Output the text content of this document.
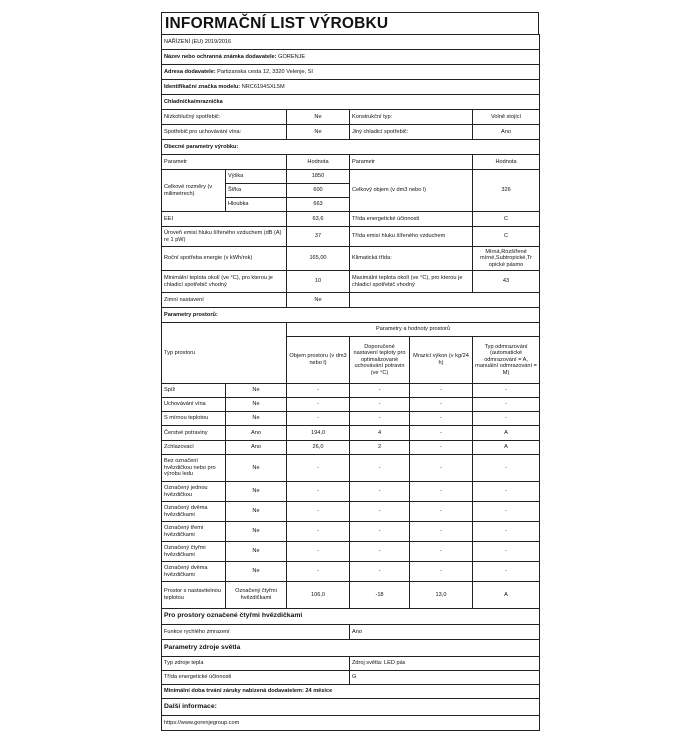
INFORMAČNÍ LIST VÝROBKU
NAŘÍZENÍ (EU) 2019/2016					
Název nebo ochranná známka dodavatele: GORENJE					
Adresa dodavatele: Partizanska cesta 12, 3320 Velenje, SI					
Identifikační značka modelu: NRC6194SXL5M					
Chladnička/mraznička					
Nízkohlučný spotřebič:		Ne	Konstrukční typ:		Volně stojící
Spotřebič pro uchovávání vína:		Ne	Jiný chladicí spotřebič:		Ano
Obecné parametry výrobku:					
Parametr		Hodnota	Parametr		Hodnota
Celkové rozměry (v milimetrech)	Výška	1850	Celkový objem (v dm3 nebo l)		326
	Šířka	600			
	Hloubka	663			
EEI		63,6	Třída energetické účinnosti		C
Úroveň emisí hluku šířeného vzduchem (dB (A) re 1 pW)		37	Třída emisí hluku šířeného vzduchem		C
Roční spotřeba energie (v kWh/rok)		165,00	Klimatická třída:		Mírná,Rozšířené mírné,Subtropické,Tr opické pásmo
Minimální teplota okolí (ve °C), pro kterou je chladicí spotřebič vhodný		10	Maximální teplota okolí (ve °C), pro kterou je chladicí spotřebič vhodný		43
Zimní nastavení		Ne			
Parametry prostorů:					
Typ prostoru		Parametry a hodnoty prostorů			
		Objem prostoru (v dm3 nebo l)	Doporučené nastavení teploty pro optimalizované uchovávání potravin (ve °C)	Mrazicí výkon (v kg/24 h)	Typ odmrazování (automatické odmrazování = A, manuální odmrazování = M)
Spíž	Ne	-	-	-	-
Uchovávání vína	Ne	-	-	-	-
S mírnou teplotou	Ne	-	-	-	-
Čerstvé potraviny	Ano	194,0	4	-	A
Zchlazovací	Ano	26,0	2	-	A
Bez označení hvězdičkou nebo pro výrobu ledu	Ne	-	-	-	-
Označený jednou hvězdičkou	Ne	-	-	-	-
Označený dvěma hvězdičkami	Ne	-	-	-	-
Označený třemi hvězdičkami	Ne	-	-	-	-
Označený čtyřmi hvězdičkami	Ne	-	-	-	-
Označený dvěma hvězdičkami	Ne	-	-	-	-
Prostor s nastavitelnou teplotou	Označený čtyřmi hvězdičkami	106,0	-18	13,0	A
Pro prostory označené čtyřmi hvězdičkami					
Funkce rychlého zmrazení			Ano		
Parametry zdroje světla					
Typ zdroje tepla			Zdroj světla: LED pás		
Třída energetické účinnosti			G		
Minimální doba trvání záruky nabízená dodavatelem: 24 měsíce					
Další informace:					
https://www.gorenjegroup.com					
